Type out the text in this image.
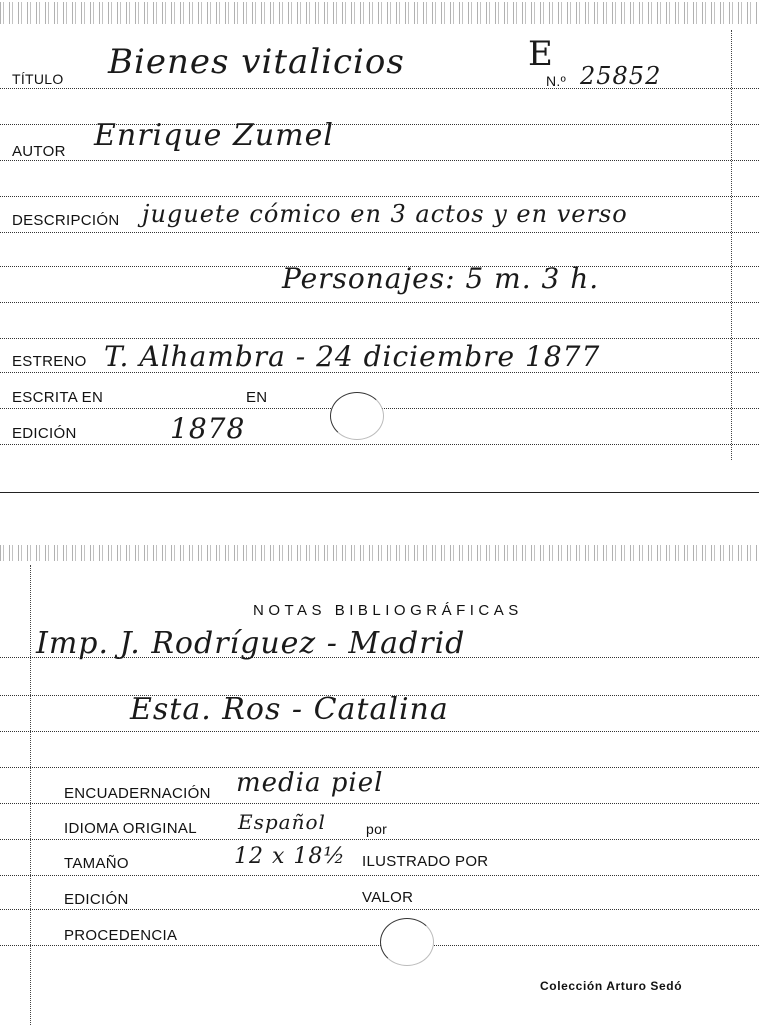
TÍTULO Bienes vitalicios	E
N.º 25852
AUTOR Enrique Zumel
DESCRIPCIÓN juguete cómico en 3 actos y en verso
Personajes: 5 m. 3 h.
ESTRENO T. Alhambra - 24 diciembre 1877
ESCRITA EN	EN
EDICIÓN	1878
NOTAS BIBLIOGRÁFICAS
Imp. J. Rodríguez - Madrid
Esta. Ros - Catalina
ENCUADERNACIÓN media piel
IDIOMA ORIGINAL Español	por
TAMAÑO	12 x 18½ ILUSTRADO POR
EDICIÓN	VALOR
PROCEDENCIA
Colección Arturo Sedó
